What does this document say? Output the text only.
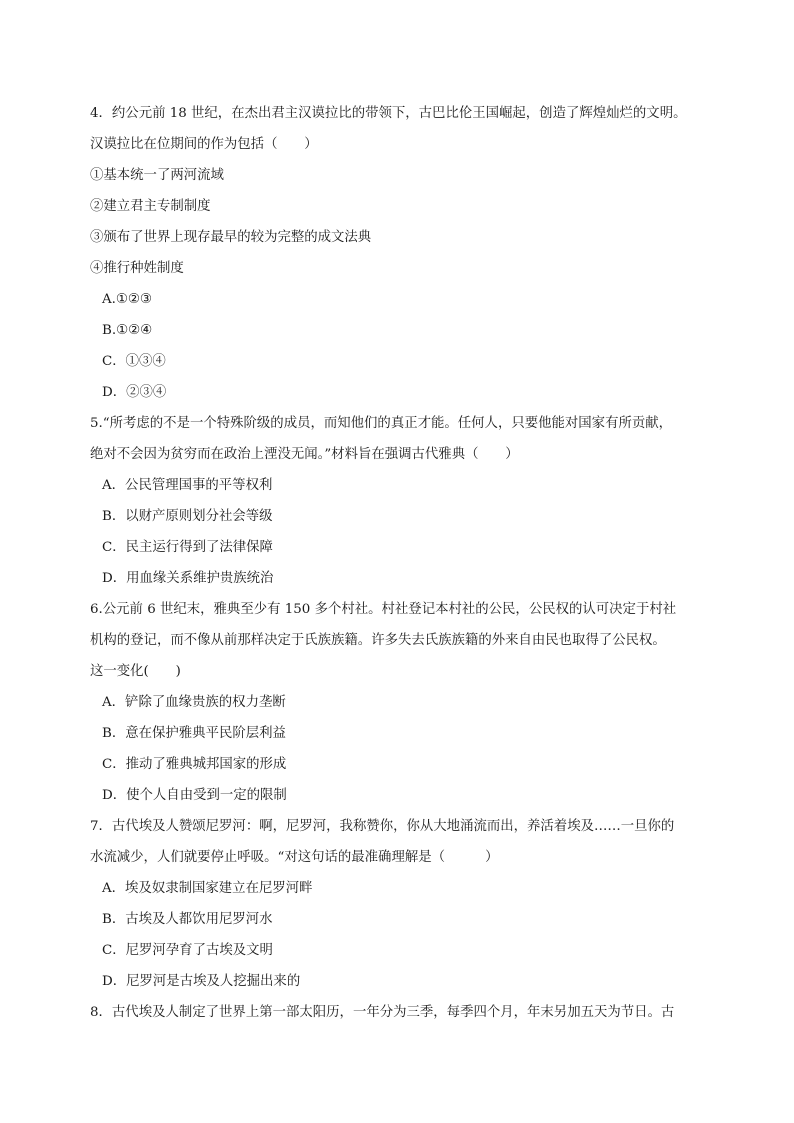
4．约公元前 18 世纪，在杰出君主汉谟拉比的带领下，古巴比伦王国崛起，创造了辉煌灿烂的文明。
汉谟拉比在位期间的作为包括（　　）
①基本统一了两河流域
②建立君主专制制度
③颁布了世界上现存最早的较为完整的成文法典
④推行种姓制度
A.①②③
B.①②④
C．①③④
D．②③④
5.“所考虑的不是一个特殊阶级的成员，而知他们的真正才能。任何人，只要他能对国家有所贡献，
绝对不会因为贫穷而在政治上湮没无闻。”材料旨在强调古代雅典（　　）
A．公民管理国事的平等权利
B．以财产原则划分社会等级
C．民主运行得到了法律保障
D．用血缘关系维护贵族统治
6.公元前 6 世纪末，雅典至少有 150 多个村社。村社登记本村社的公民，公民权的认可决定于村社
机构的登记，而不像从前那样决定于氏族族籍。许多失去氏族族籍的外来自由民也取得了公民权。
这一变化(　　)
A．铲除了血缘贵族的权力垄断
B．意在保护雅典平民阶层利益
C．推动了雅典城邦国家的形成
D．使个人自由受到一定的限制
7．古代埃及人赞颂尼罗河：啊，尼罗河，我称赞你，你从大地涌流而出，养活着埃及……一旦你的
水流减少，人们就要停止呼吸。“对这句话的最准确理解是（　　　）
A．埃及奴隶制国家建立在尼罗河畔
B．古埃及人都饮用尼罗河水
C．尼罗河孕育了古埃及文明
D．尼罗河是古埃及人挖掘出来的
8．古代埃及人制定了世界上第一部太阳历，一年分为三季，每季四个月，年末另加五天为节日。古
